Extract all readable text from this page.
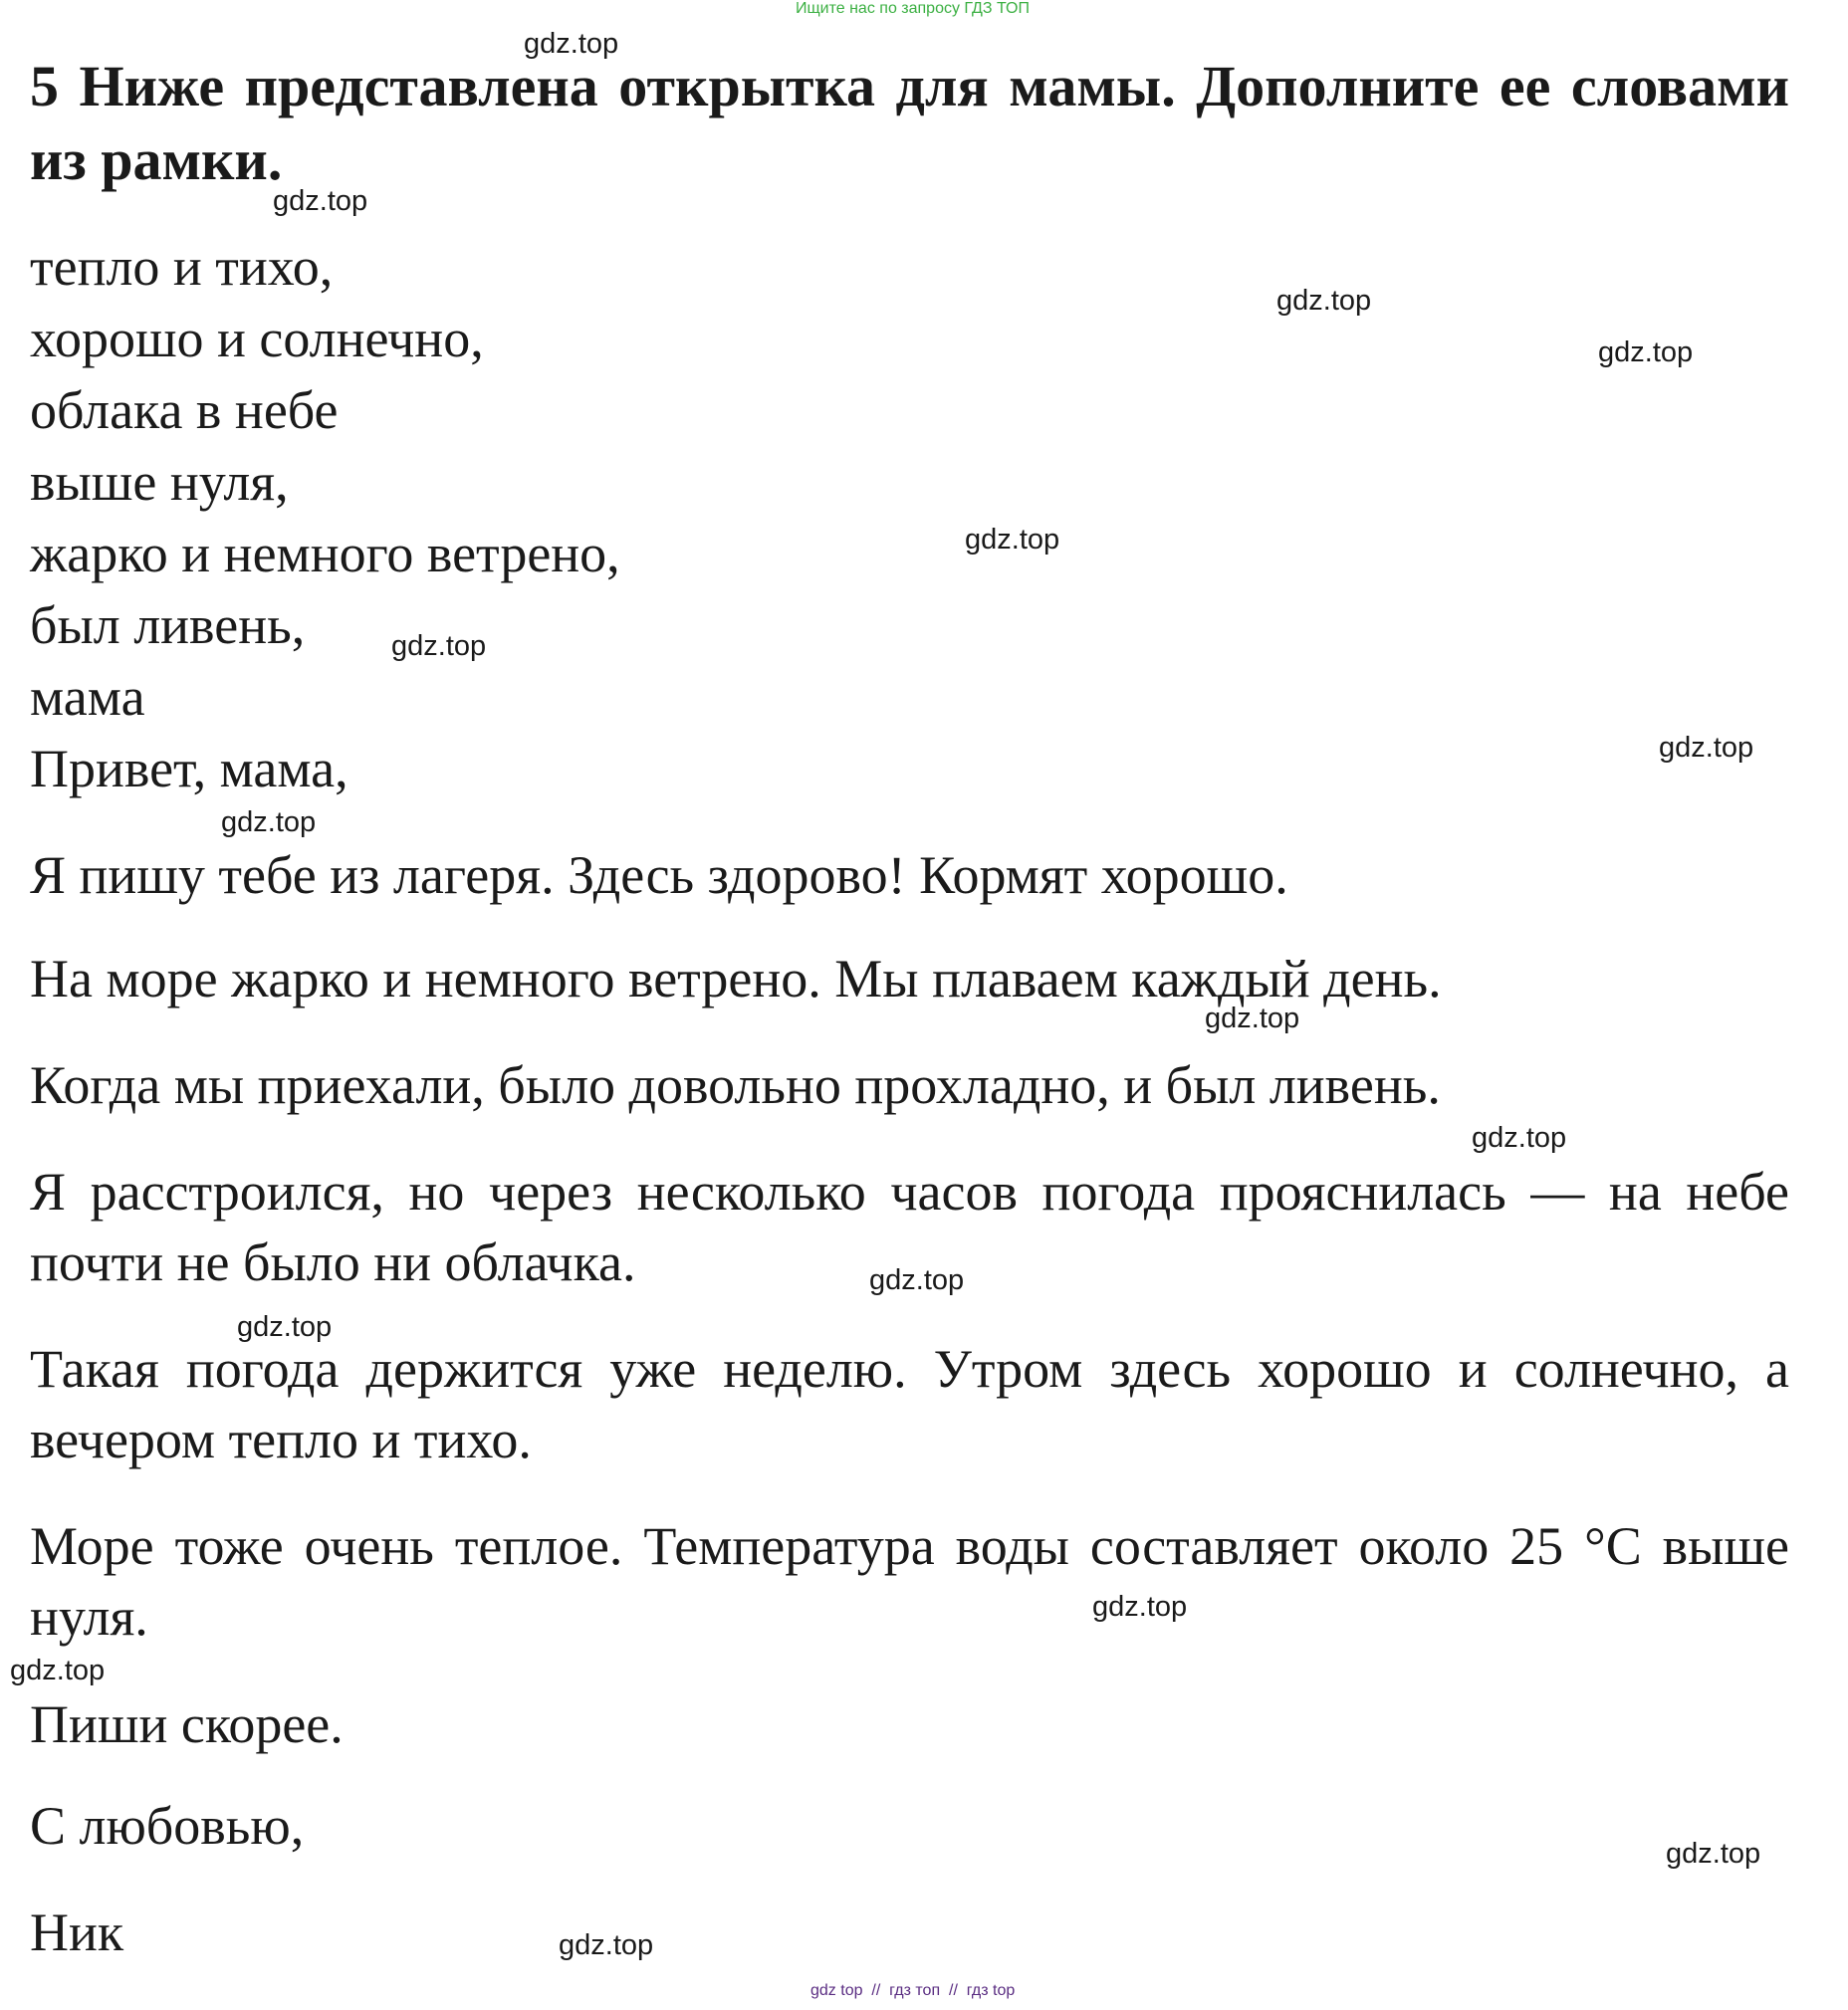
Ищите нас по запросу ГДЗ ТОП
5 Ниже представлена открытка для мамы. Дополните ее словами из рамки.
тепло и тихо,
хорошо и солнечно,
облака в небе
выше нуля,
жарко и немного ветрено,
был ливень,
мама
Привет, мама,
Я пишу тебе из лагеря. Здесь здорово! Кормят хорошо.
На море жарко и немного ветрено. Мы плаваем каждый день.
Когда мы приехали, было довольно прохладно, и был ливень.
Я расстроился, но через несколько часов погода прояснилась — на небе почти не было ни облачка.
Такая погода держится уже неделю. Утром здесь хорошо и солнечно, а вечером тепло и тихо.
Море тоже очень теплое. Температура воды составляет около 25 °С выше нуля.
Пиши скорее.
С любовью,
Ник
gdz.top
gdz.top
gdz.top
gdz.top
gdz.top
gdz.top
gdz.top
gdz.top
gdz.top
gdz.top
gdz.top
gdz.top
gdz.top
gdz.top
gdz.top
gdz.top
gdz top  //  гдз топ  //  гдз top
